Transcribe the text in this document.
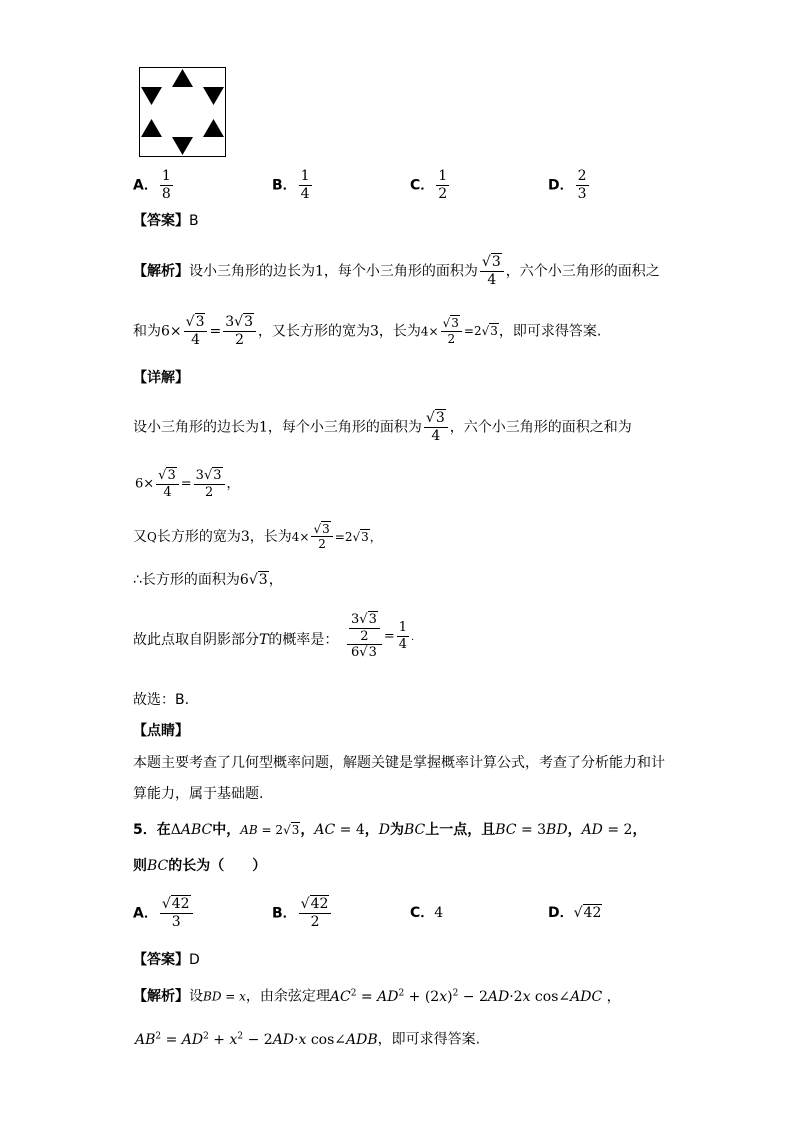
A． $\frac{1}{8}$	B． $\frac{1}{4}$	C． $\frac{1}{2}$	D． $\frac{2}{3}$
【答案】B
【解析】设小三角形的边长为1，每个小三角形的面积为 $\frac{√3}{4}$ ，六个小三角形的面积之
和为$6\times \frac{√3}{4} = \frac{3√3}{2}$ ，又长方形的宽为3，长为$4\times \frac{√3}{2} =2√3$，即可求得答案.
【详解】
设小三角形的边长为1，每个小三角形的面积为 $\frac{√3}{4}$ ，六个小三角形的面积之和为
$6\times \frac{√3}{4} = \frac{3√3}{2}$ ，
又Q长方形的宽为3，长为$4\times \frac{√3}{2} =2√3$，
∴长方形的面积为6√3，
故此点取自阴影部分T的概率是： $\frac{\frac{3√3}{2}}{6√3} = \frac{1}{4}$ .
故选：B.
【点睛】
本题主要考查了几何型概率问题，解题关键是掌握概率计算公式，考查了分析能力和计
算能力，属于基础题.
5．在ΔABC中，AB = 2√3，AC = 4，D为BC上一点，且BC = 3BD，AD = 2，
则BC的长为（　　）
A． $\frac{√42}{3}$	B． $\frac{√42}{2}$	C．4	D．√42
【答案】D
【解析】设BD = x，由余弦定理$AC^2 = AD^2 + (2x)^2 - 2AD\cdot 2x$ cos∠ADC ，
$AB^2 = AD^2 + x^2 - 2AD\cdot x$ cos∠ADB，即可求得答案.
